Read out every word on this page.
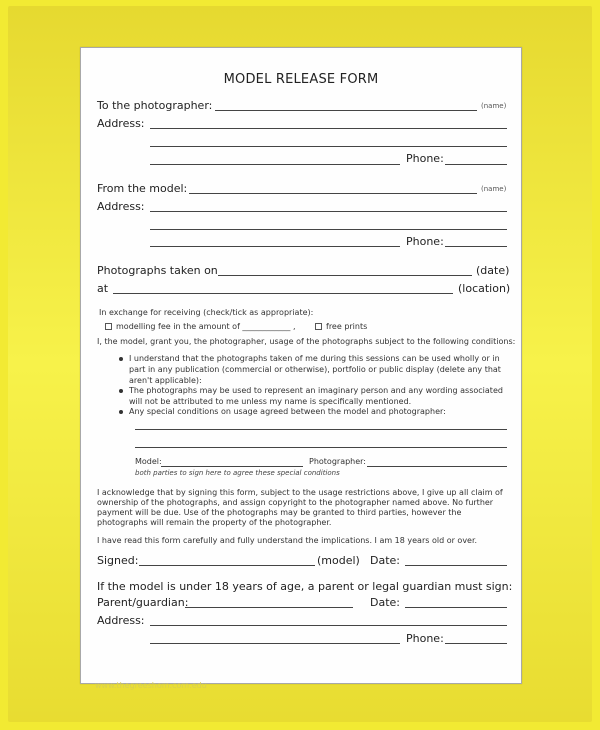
MODEL RELEASE FORM
To the photographer:	(name)
Address:
Phone:
From the model:	(name)
Address:
Phone:
Photographs taken on	(date)
at	(location)
In exchange for receiving (check/tick as appropriate):
modelling fee in the amount of ____________ ,	free prints
I, the model, grant you, the photographer, usage of the photographs subject to the following conditions:
I understand that the photographs taken of me during this sessions can be used wholly or in
part in any publication (commercial or otherwise), portfolio or public display (delete any that
aren't applicable):
The photographs may be used to represent an imaginary person and any wording associated
will not be attributed to me unless my name is specifically mentioned.
Any special conditions on usage agreed between the model and photographer:
Model:	Photographer:
both parties to sign here to agree these special conditions
I acknowledge that by signing this form, subject to the usage restrictions above, I give up all claim of
ownership of the photographs, and assign copyright to the photographer named above. No further
payment will be due. Use of the photographs may be granted to third parties, however the
photographs will remain the property of the photographer.
I have read this form carefully and fully understand the implications. I am 18 years old or over.
Signed:	(model) Date:
If the model is under 18 years of age, a parent or legal guardian must sign:
Parent/guardian:	Date:
Address:
Phone:
www.thegreeshom.com.edu
